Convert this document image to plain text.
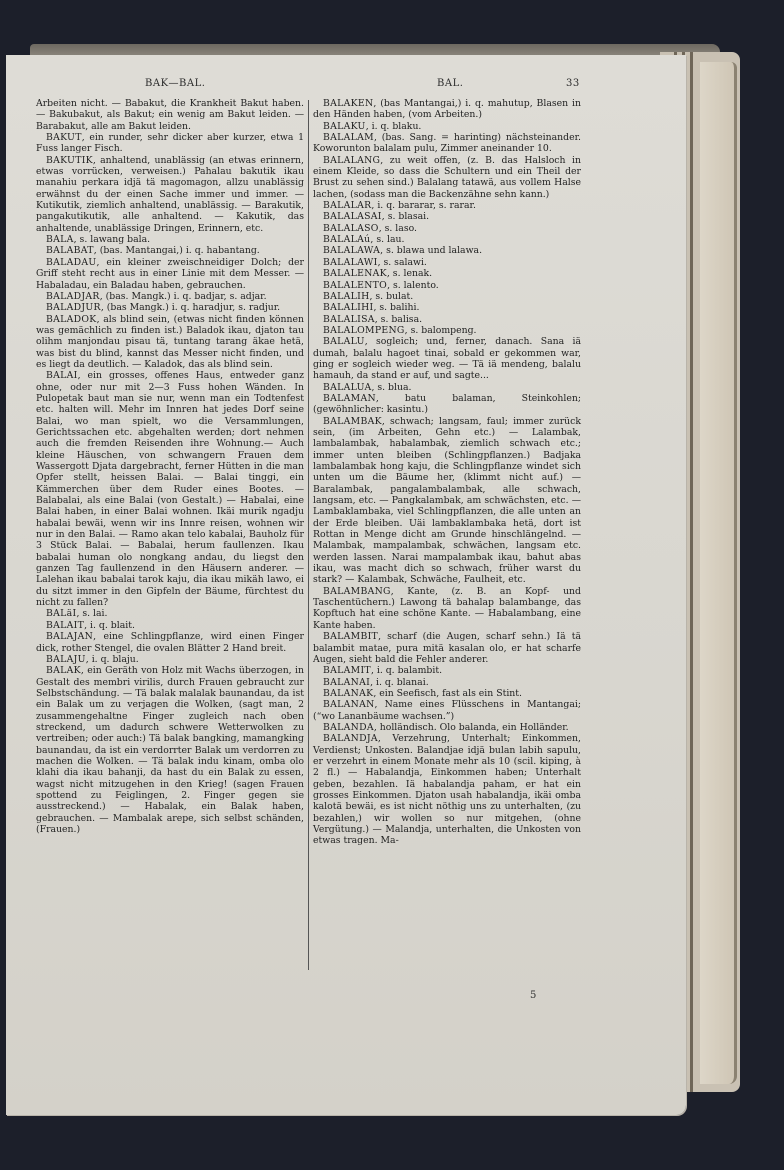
BAK—BAL.	BAL.	33

Arbeiten nicht. — Babakut, die Krankheit Bakut haben. — Bakubakut, als Bakut; ein wenig am Bakut leiden. — Barabakut, alle am Bakut leiden.

BAKUT, ein runder, sehr dicker aber kurzer, etwa 1 Fuss langer Fisch.

BAKUTIK, anhaltend, unablässig (an etwas erinnern, etwas vorrücken, verweisen.) Pahalau bakutik ikau manahiu perkara idjä tä magomagon, allzu unablässig erwähnst du der einen Sache immer und immer. — Kutikutik, ziemlich anhaltend, unablässig. — Barakutik, pangakutikutik, alle anhaltend. — Kakutik, das anhaltende, unablässige Dringen, Erinnern, etc.

BALA, s. lawang bala.

BALABAT, (bas. Mantangai,) i. q. habantang.

BALADAU, ein kleiner zweischneidiger Dolch; der Griff steht recht aus in einer Linie mit dem Messer. — Habaladau, ein Baladau haben, gebrauchen.

BALADJAR, (bas. Mangk.) i. q. badjar, s. adjar.

BALADJUR, (bas Mangk.) i. q. haradjur, s. radjur.

BALADOK, als blind sein, (etwas nicht finden können was gemächlich zu finden ist.) Baladok ikau, djaton tau olihm manjondau pisau tä, tuntang tarang äkae hetä, was bist du blind, kannst das Messer nicht finden, und es liegt da deutlich. — Kaladok, das als blind sein.

BALAI, ein grosses, offenes Haus, entweder ganz ohne, oder nur mit 2—3 Fuss hohen Wänden. In Pulopetak baut man sie nur, wenn man ein Todtenfest etc. halten will. Mehr im Innren hat jedes Dorf seine Balai, wo man spielt, wo die Versammlungen, Gerichtssachen etc. abgehalten werden; dort nehmen auch die fremden Reisenden ihre Wohnung.— Auch kleine Häuschen, von schwangern Frauen dem Wassergott Djata dargebracht, ferner Hütten in die man Opfer stellt, heissen Balai. — Balai tinggi, ein Kämmerchen über dem Ruder eines Bootes. — Balabalai, als eine Balai (von Gestalt.) — Habalai, eine Balai haben, in einer Balai wohnen. Ikäi murik ngadju habalai bewäi, wenn wir ins Innre reisen, wohnen wir nur in den Balai. — Ramo akan telo kabalai, Bauholz für 3 Stück Balai. — Babalai, herum faullenzen. Ikau babalai human olo nongkang andau, du liegst den ganzen Tag faullenzend in den Häusern anderer. — Lalehan ikau babalai tarok kaju, dia ikau mikäh lawo, ei du sitzt immer in den Gipfeln der Bäume, fürchtest du nicht zu fallen?

BALäI, s. lai.

BALAIT, i. q. blait.

BALAJAN, eine Schlingpflanze, wird einen Finger dick, rother Stengel, die ovalen Blätter 2 Hand breit.

BALAJU, i. q. blaju.

BALAK, ein Geräth von Holz mit Wachs überzogen, in Gestalt des membri virilis, durch Frauen gebraucht zur Selbstschändung. — Tä balak malalak baunandau, da ist ein Balak um zu verjagen die Wolken, (sagt man, 2 zusammengehaltne Finger zugleich nach oben streckend, um dadurch schwere Wetterwolken zu vertreiben; oder auch:) Tä balak bangking, mamangking baunandau, da ist ein verdorrter Balak um verdorren zu machen die Wolken. — Tä balak indu kinam, omba olo klahi dia ikau bahanji, da hast du ein Balak zu essen, wagst nicht mitzugehen in den Krieg! (sagen Frauen spottend zu Feiglingen, 2. Finger gegen sie ausstreckend.) — Habalak, ein Balak haben, gebrauchen. — Mambalak arepe, sich selbst schänden, (Frauen.)

BALAKEN, (bas Mantangai,) i. q. mahutup, Blasen in den Händen haben, (vom Arbeiten.)

BALAKU, i. q. blaku.

BALALAM, (bas. Sang. = harinting) nächsteinander. Koworunton balalam pulu, Zimmer aneinander 10.

BALALANG, zu weit offen, (z. B. das Halsloch in einem Kleide, so dass die Schultern und ein Theil der Brust zu sehen sind.) Balalang tatawä, aus vollem Halse lachen, (sodass man die Backenzähne sehn kann.)

BALALAR, i. q. bararar, s. rarar.

BALALASAI, s. blasai.

BALALASO, s. laso.

BALALAú, s. lau.

BALALAWA, s. blawa und lalawa.

BALALAWI, s. salawi.

BALALENAK, s. lenak.

BALALENTO, s. lalento.

BALALIH, s. bulat.

BALALIHI, s. balihi.

BALALISA, s. balisa.

BALALOMPENG, s. balompeng.

BALALU, sogleich; und, ferner, danach. Sana iä dumah, balalu hagoet tinai, sobald er gekommen war, ging er sogleich wieder weg. — Tä iä mendeng, balalu hamauh, da stand er auf, und sagte...

BALALUA, s. blua.

BALAMAN, batu balaman, Steinkohlen; (gewöhnlicher: kasintu.)

BALAMBAK, schwach; langsam, faul; immer zurück sein, (im Arbeiten, Gehn etc.) — Lalambak, lambalambak, habalambak, ziemlich schwach etc.; immer unten bleiben (Schlingpflanzen.) Badjaka lambalambak hong kaju, die Schlingpflanze windet sich unten um die Bäume her, (klimmt nicht auf.) — Baralambak, pangalambalambak, alle schwach, langsam, etc. — Pangkalambak, am schwächsten, etc. — Lambaklambaka, viel Schlingpflanzen, die alle unten an der Erde bleiben. Uäi lambaklambaka hetä, dort ist Rottan in Menge dicht am Grunde hinschlängelnd. — Malambak, mampalambak, schwächen, langsam etc. werden lassen. Narai mampalambak ikau, bahut abas ikau, was macht dich so schwach, früher warst du stark? — Kalambak, Schwäche, Faulheit, etc.

BALAMBANG, Kante, (z. B. an Kopf- und Taschentüchern.) Lawong tä bahalap balambange, das Kopftuch hat eine schöne Kante. — Habalambang, eine Kante haben.

BALAMBIT, scharf (die Augen, scharf sehn.) Iä tä balambit matae, pura mitä kasalan olo, er hat scharfe Augen, sieht bald die Fehler anderer.

BALAMIT, i. q. balambit.

BALANAI, i. q. blanai.

BALANAK, ein Seefisch, fast als ein Stint.

BALANAN, Name eines Flüsschens in Mantangai; (“wo Lananbäume wachsen.”)

BALANDA, holländisch. Olo balanda, ein Holländer.

BALANDJA, Verzehrung, Unterhalt; Einkommen, Verdienst; Unkosten. Balandjae idjä bulan labih sapulu, er verzehrt in einem Monate mehr als 10 (scil. kiping, à 2 fl.) — Habalandja, Einkommen haben; Unterhalt geben, bezahlen. Iä habalandja paham, er hat ein grosses Einkommen. Djaton usah habalandja, ikäi omba kalotä bewäi, es ist nicht nöthig uns zu unterhalten, (zu bezahlen,) wir wollen so nur mitgehen, (ohne Vergütung.) — Malandja, unterhalten, die Unkosten von etwas tragen. Ma-

5
